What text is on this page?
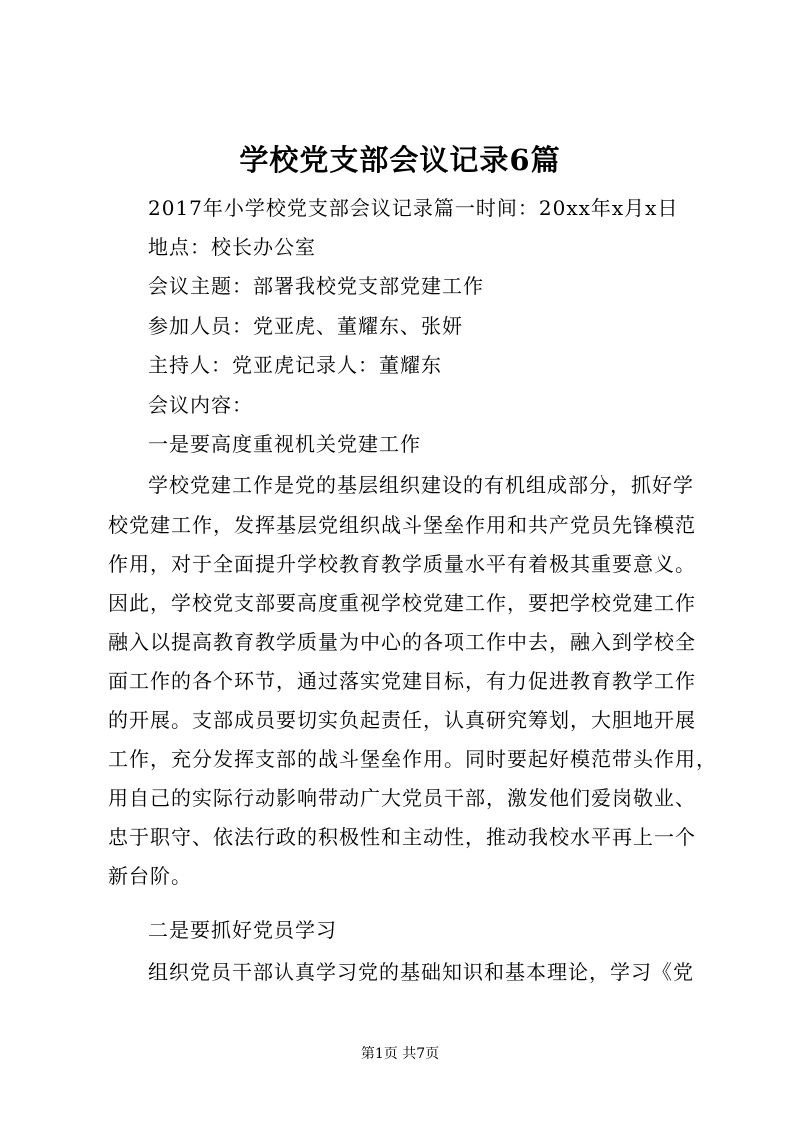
学校党支部会议记录6篇
2017年小学校党支部会议记录篇一时间：20xx年x月x日
地点：校长办公室
会议主题：部署我校党支部党建工作
参加人员：党亚虎、董耀东、张妍
主持人：党亚虎记录人：董耀东
会议内容：
一是要高度重视机关党建工作
学校党建工作是党的基层组织建设的有机组成部分，抓好学
校党建工作，发挥基层党组织战斗堡垒作用和共产党员先锋模范
作用，对于全面提升学校教育教学质量水平有着极其重要意义。
因此，学校党支部要高度重视学校党建工作，要把学校党建工作
融入以提高教育教学质量为中心的各项工作中去，融入到学校全
面工作的各个环节，通过落实党建目标，有力促进教育教学工作
的开展。支部成员要切实负起责任，认真研究筹划，大胆地开展
工作，充分发挥支部的战斗堡垒作用。同时要起好模范带头作用，
用自己的实际行动影响带动广大党员干部，激发他们爱岗敬业、
忠于职守、依法行政的积极性和主动性，推动我校水平再上一个
新台阶。
二是要抓好党员学习
组织党员干部认真学习党的基础知识和基本理论，学习《党
第1页 共7页
